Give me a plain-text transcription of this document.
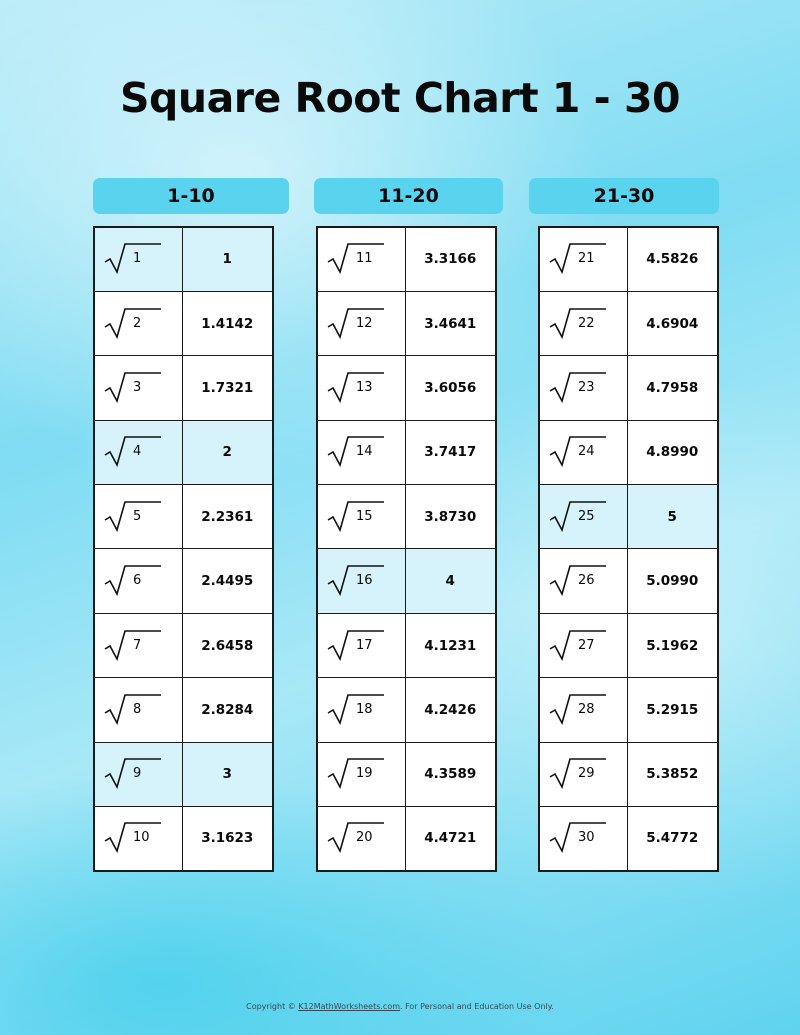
Square Root Chart 1 - 30
1-10
1	1

2	1.4142

3	1.7321

4	2

5	2.2361

6	2.4495

7	2.6458

8	2.8284

9	3

10	3.1623
11-20
11	3.3166

12	3.4641

13	3.6056

14	3.7417

15	3.8730

16	4

17	4.1231

18	4.2426

19	4.3589

20	4.4721
21-30
21	4.5826

22	4.6904

23	4.7958

24	4.8990

25	5

26	5.0990

27	5.1962

28	5.2915

29	5.3852

30	5.4772
Copyright © K12MathWorksheets.com. For Personal and Education Use Only.
